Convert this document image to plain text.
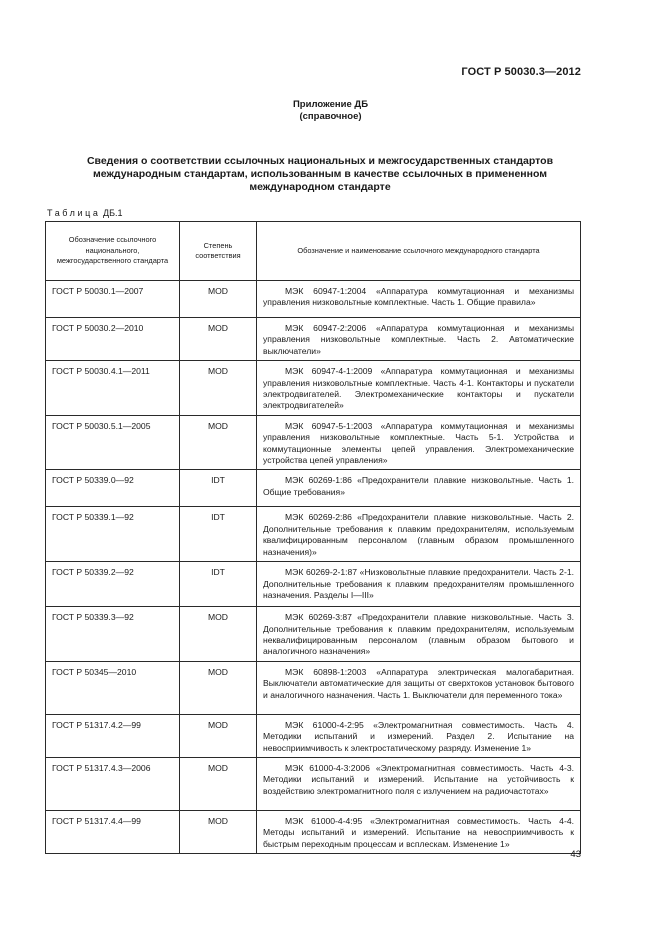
ГОСТ Р 50030.3—2012
Приложение ДБ
(справочное)
Сведения о соответствии ссылочных национальных и межгосударственных стандартов
международным стандартам, использованным в качестве ссылочных в примененном
международном стандарте
Таблица ДБ.1
Обозначение ссылочного национального, межгосударственного стандарта	Степень соответствия	Обозначение и наименование ссылочного международного стандарта
ГОСТ Р 50030.1—2007	MOD	МЭК 60947-1:2004 «Аппаратура коммутационная и механизмы управления низковольтные комплектные. Часть 1. Общие правила»
ГОСТ Р 50030.2—2010	MOD	МЭК 60947-2:2006 «Аппаратура коммутационная и механизмы управления низковольтные комплектные. Часть 2. Автоматические выключатели»
ГОСТ Р 50030.4.1—2011	MOD	МЭК 60947-4-1:2009 «Аппаратура коммутационная и механизмы управления низковольтные комплектные. Часть 4-1. Контакторы и пускатели электродвигателей. Электромеханические контакторы и пускатели электродвигателей»
ГОСТ Р 50030.5.1—2005	MOD	МЭК 60947-5-1:2003 «Аппаратура коммутационная и механизмы управления низковольтные комплектные. Часть 5-1. Устройства и коммутационные элементы цепей управления. Электромеханические устройства цепей управления»
ГОСТ Р 50339.0—92	IDT	МЭК 60269-1:86 «Предохранители плавкие низковольтные. Часть 1. Общие требования»
ГОСТ Р 50339.1—92	IDT	МЭК 60269-2:86 «Предохранители плавкие низковольтные. Часть 2. Дополнительные требования к плавким предохранителям, используемым квалифицированным персоналом (главным образом промышленного назначения)»
ГОСТ Р 50339.2—92	IDT	МЭК 60269-2-1:87 «Низковольтные плавкие предохранители. Часть 2-1. Дополнительные требования к плавким предохранителям промышленного назначения. Разделы I—III»
ГОСТ Р 50339.3—92	MOD	МЭК 60269-3:87 «Предохранители плавкие низковольтные. Часть 3. Дополнительные требования к плавким предохранителям, используемым неквалифицированным персоналом (главным образом бытового и аналогичного назначения»
ГОСТ Р 50345—2010	MOD	МЭК 60898-1:2003 «Аппаратура электрическая малогабаритная. Выключатели автоматические для защиты от сверхтоков установок бытового и аналогичного назначения. Часть 1. Выключатели для переменного тока»
ГОСТ Р 51317.4.2—99	MOD	МЭК 61000-4-2:95 «Электромагнитная совместимость. Часть 4. Методики испытаний и измерений. Раздел 2. Испытание на невосприимчивость к электростатическому разряду. Изменение 1»
ГОСТ Р 51317.4.3—2006	MOD	МЭК 61000-4-3:2006 «Электромагнитная совместимость. Часть 4-3. Методики испытаний и измерений. Испытание на устойчивость к воздействию электромагнитного поля с излучением на радиочастотах»
ГОСТ Р 51317.4.4—99	MOD	МЭК 61000-4-4:95 «Электромагнитная совместимость. Часть 4-4. Методы испытаний и измерений. Испытание на невосприимчивость к быстрым переходным процессам и всплескам. Изменение 1»
43
